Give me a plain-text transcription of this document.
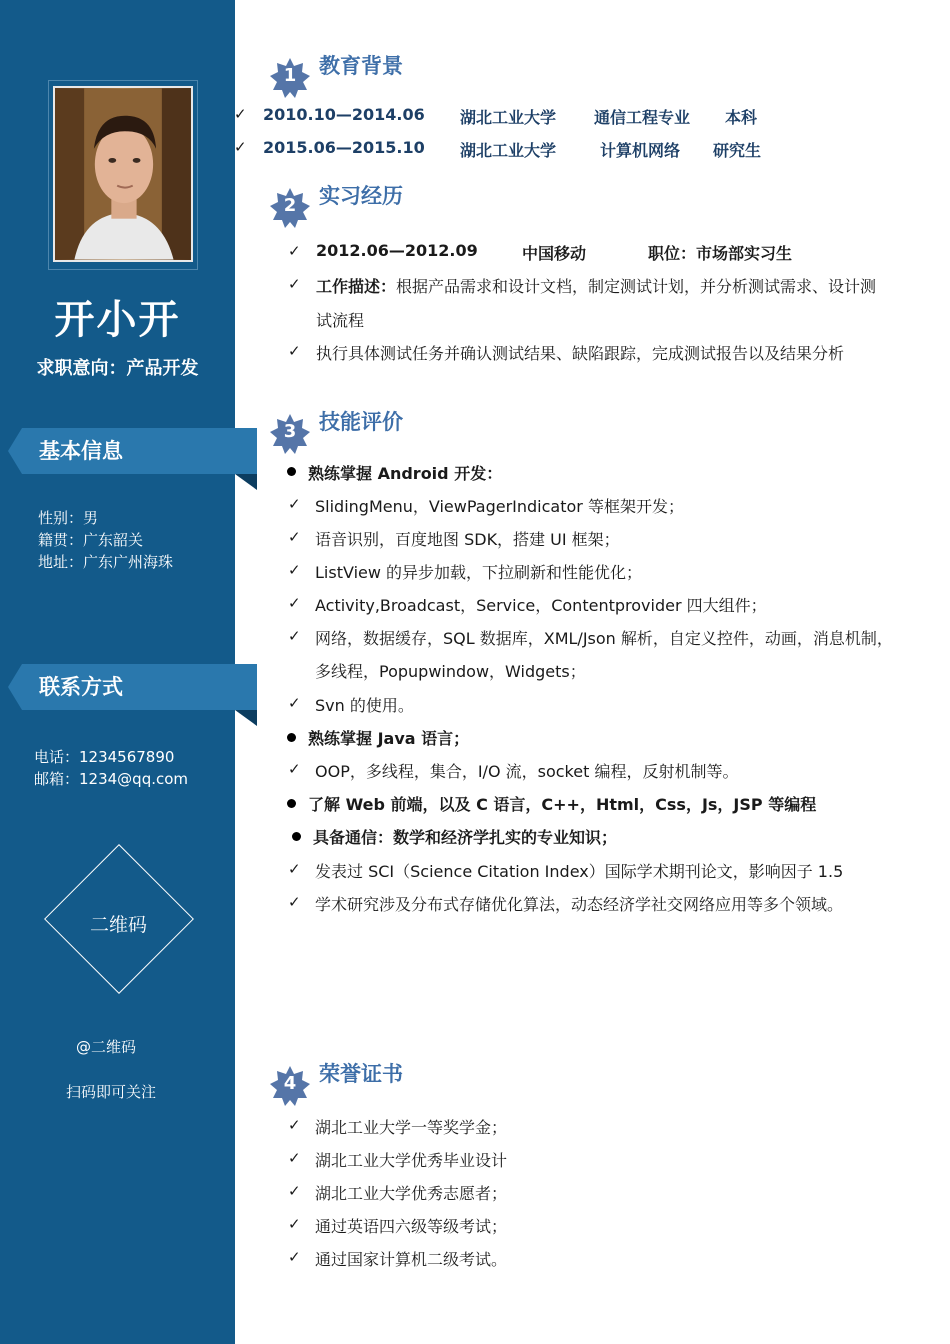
开小开
求职意向：产品开发
基本信息
性别：男
籍贯：广东韶关
地址：广东广州海珠
联系方式
电话：1234567890
邮箱：1234@qq.com
二维码
@二维码
扫码即可关注
1	教育背景
✓ 2010.10—2014.06 湖北工业大学 通信工程专业 本科
✓ 2015.06—2015.10 湖北工业大学	计算机网络 研究生
2	实习经历
✓ 2012.06—2012.09	中国移动	职位：市场部实习生
✓ 工作描述：根据产品需求和设计文档，制定测试计划，并分析测试需求、设计测
试流程
✓ 执行具体测试任务并确认测试结果、缺陷跟踪，完成测试报告以及结果分析
3	技能评价
熟练掌握 Android 开发：
✓ SlidingMenu，ViewPagerIndicator 等框架开发；
✓ 语音识别，百度地图 SDK，搭建 UI 框架；
✓ ListView 的异步加载，下拉刷新和性能优化；
✓ Activity,Broadcast，Service，Contentprovider 四大组件；
✓ 网络，数据缓存，SQL 数据库，XML/Json 解析，自定义控件，动画，消息机制，
多线程，Popupwindow，Widgets；
✓ Svn 的使用。
熟练掌握 Java 语言；
✓ OOP，多线程，集合，I/O 流，socket 编程，反射机制等。
了解 Web 前端，以及 C 语言，C++，Html，Css，Js，JSP 等编程
具备通信：数学和经济学扎实的专业知识；
✓ 发表过 SCI（Science Citation Index）国际学术期刊论文，影响因子 1.5
✓ 学术研究涉及分布式存储优化算法，动态经济学社交网络应用等多个领域。
4	荣誉证书
✓ 湖北工业大学一等奖学金；
✓ 湖北工业大学优秀毕业设计
✓ 湖北工业大学优秀志愿者；
✓ 通过英语四六级等级考试；
✓ 通过国家计算机二级考试。
